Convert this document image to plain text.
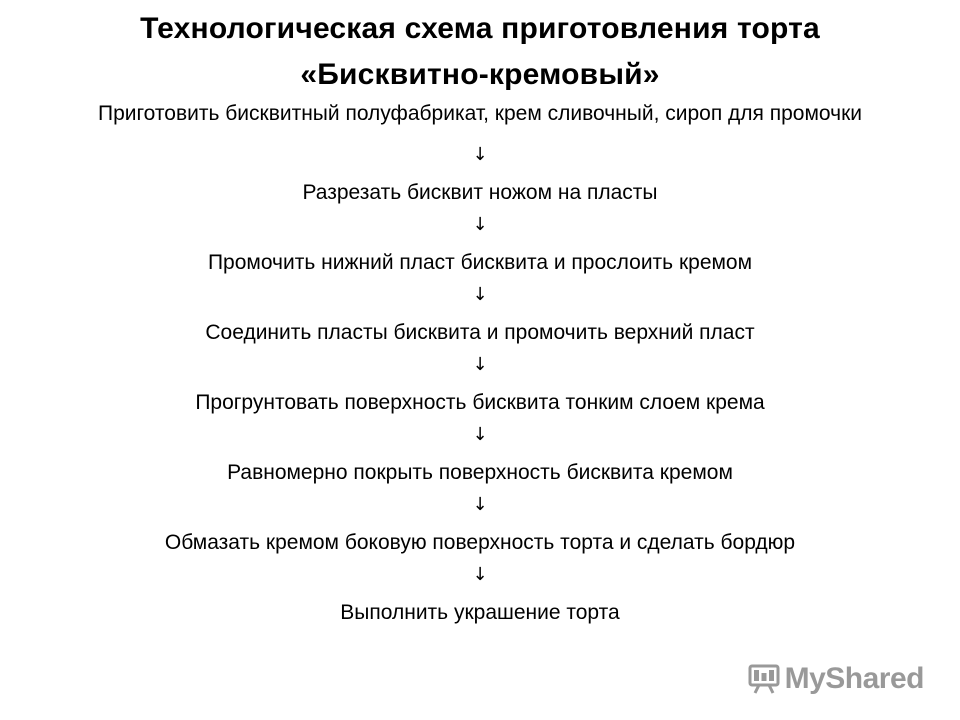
Технологическая схема приготовления торта
«Бисквитно-кремовый»
Приготовить бисквитный полуфабрикат, крем сливочный, сироп для промочки
↓
Разрезать бисквит ножом на пласты
↓
Промочить нижний пласт бисквита и прослоить кремом
↓
Соединить пласты бисквита и промочить верхний пласт
↓
Прогрунтовать поверхность бисквита тонким слоем крема
↓
Равномерно покрыть поверхность бисквита кремом
↓
Обмазать кремом боковую поверхность торта и сделать бордюр
↓
Выполнить украшение торта
MyShared
